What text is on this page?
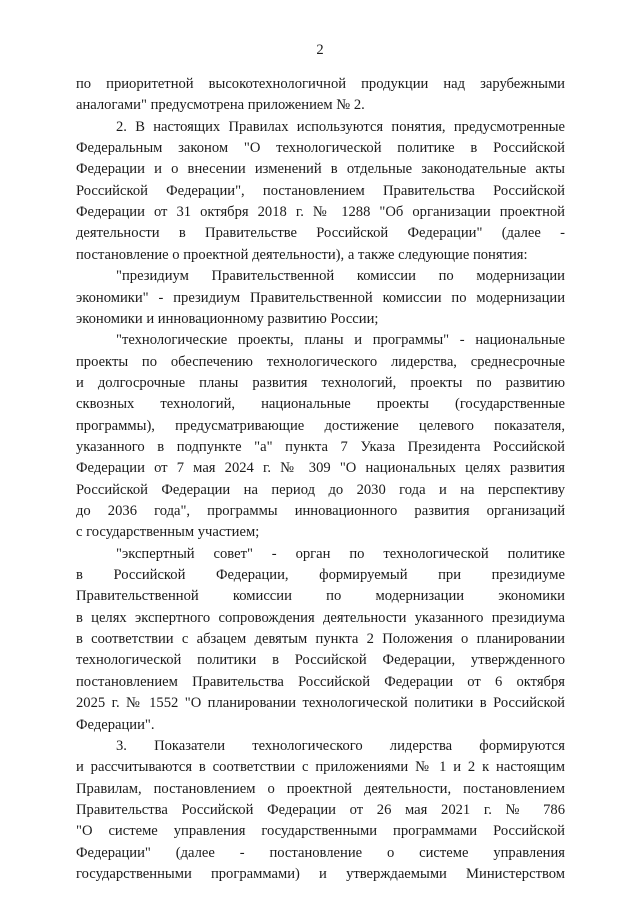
2
по приоритетной высокотехнологичной продукции над зарубежными
аналогами" предусмотрена приложением № 2.
2. В настоящих Правилах используются понятия, предусмотренные
Федеральным законом "О технологической политике в Российской
Федерации и о внесении изменений в отдельные законодательные акты
Российской Федерации", постановлением Правительства Российской
Федерации от 31 октября 2018 г. № 1288 "Об организации проектной
деятельности в Правительстве Российской Федерации" (далее -
постановление о проектной деятельности), а также следующие понятия:
"президиум Правительственной комиссии по модернизации
экономики" - президиум Правительственной комиссии по модернизации
экономики и инновационному развитию России;
"технологические проекты, планы и программы" - национальные
проекты по обеспечению технологического лидерства, среднесрочные
и долгосрочные планы развития технологий, проекты по развитию
сквозных технологий, национальные проекты (государственные
программы), предусматривающие достижение целевого показателя,
указанного в подпункте "а" пункта 7 Указа Президента Российской
Федерации от 7 мая 2024 г. № 309 "О национальных целях развития
Российской Федерации на период до 2030 года и на перспективу
до 2036 года", программы инновационного развития организаций
с государственным участием;
"экспертный совет" - орган по технологической политике
в Российской Федерации, формируемый при президиуме
Правительственной комиссии по модернизации экономики
в целях экспертного сопровождения деятельности указанного президиума
в соответствии с абзацем девятым пункта 2 Положения о планировании
технологической политики в Российской Федерации, утвержденного
постановлением Правительства Российской Федерации от 6 октября
2025 г. № 1552 "О планировании технологической политики в Российской
Федерации".
3. Показатели технологического лидерства формируются
и рассчитываются в соответствии с приложениями № 1 и 2 к настоящим
Правилам, постановлением о проектной деятельности, постановлением
Правительства Российской Федерации от 26 мая 2021 г. № 786
"О системе управления государственными программами Российской
Федерации" (далее - постановление о системе управления
государственными программами) и утверждаемыми Министерством
